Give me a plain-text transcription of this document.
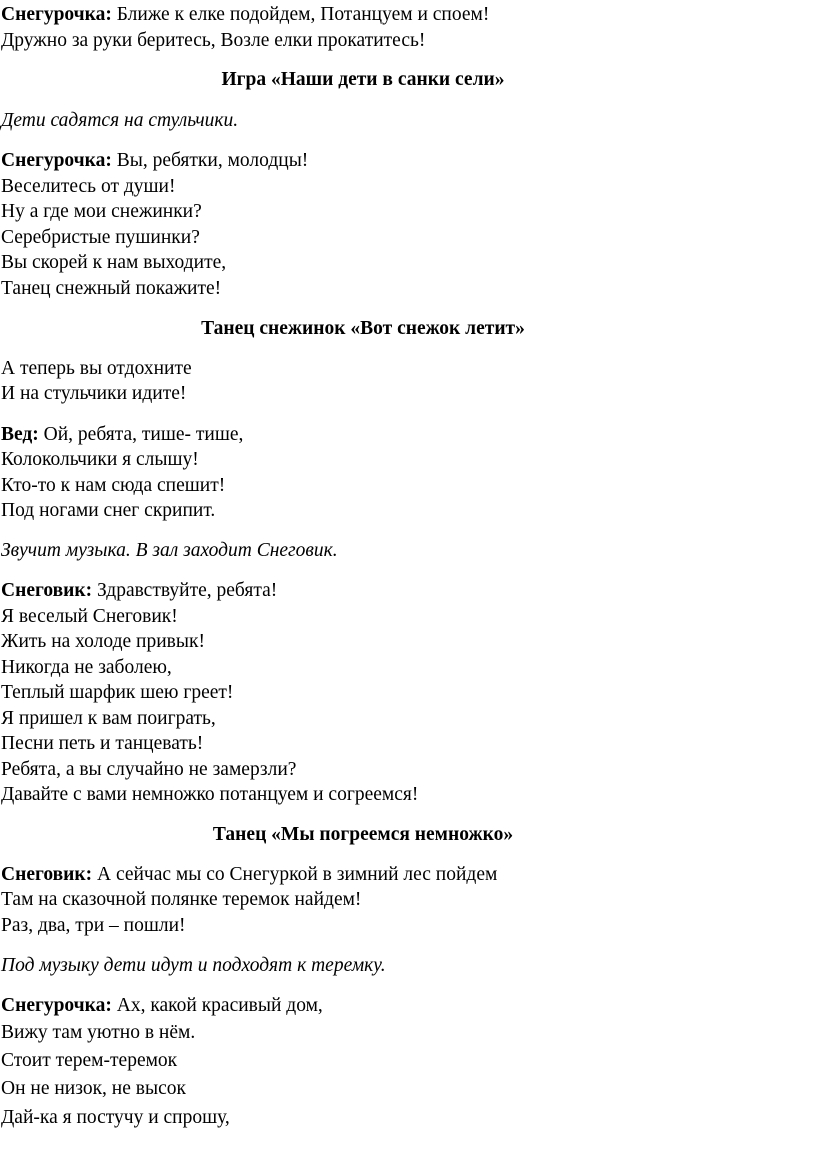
Снегурочка: Ближе к елке подойдем, Потанцуем и споем!
Дружно за руки беритесь, Возле елки прокатитесь!
Игра «Наши дети в санки сели»
Дети садятся на стульчики.
Снегурочка: Вы, ребятки, молодцы!
Веселитесь от души!
Ну а где мои снежинки?
Серебристые пушинки?
Вы скорей к нам выходите,
Танец снежный покажите!
Танец снежинок «Вот снежок летит»
А теперь вы отдохните
И на стульчики идите!
Вед: Ой, ребята, тише- тише,
Колокольчики я слышу!
Кто-то к нам сюда спешит!
Под ногами снег скрипит.
Звучит музыка. В зал заходит Снеговик.
Снеговик: Здравствуйте, ребята!
Я веселый Снеговик!
Жить на холоде привык!
Никогда не заболею,
Теплый шарфик шею греет!
Я пришел к вам поиграть,
Песни петь и танцевать!
Ребята, а вы случайно не замерзли?
Давайте с вами немножко потанцуем и согреемся!
Танец «Мы погреемся немножко»
Снеговик: А сейчас мы со Снегуркой в зимний лес пойдем
Там на сказочной полянке теремок найдем!
Раз, два, три – пошли!
Под музыку дети идут и подходят к теремку.
Снегурочка: Ах, какой красивый дом,
Вижу там уютно в нём.
Стоит терем-теремок
Он не низок, не высок
Дай-ка я постучу и спрошу,
